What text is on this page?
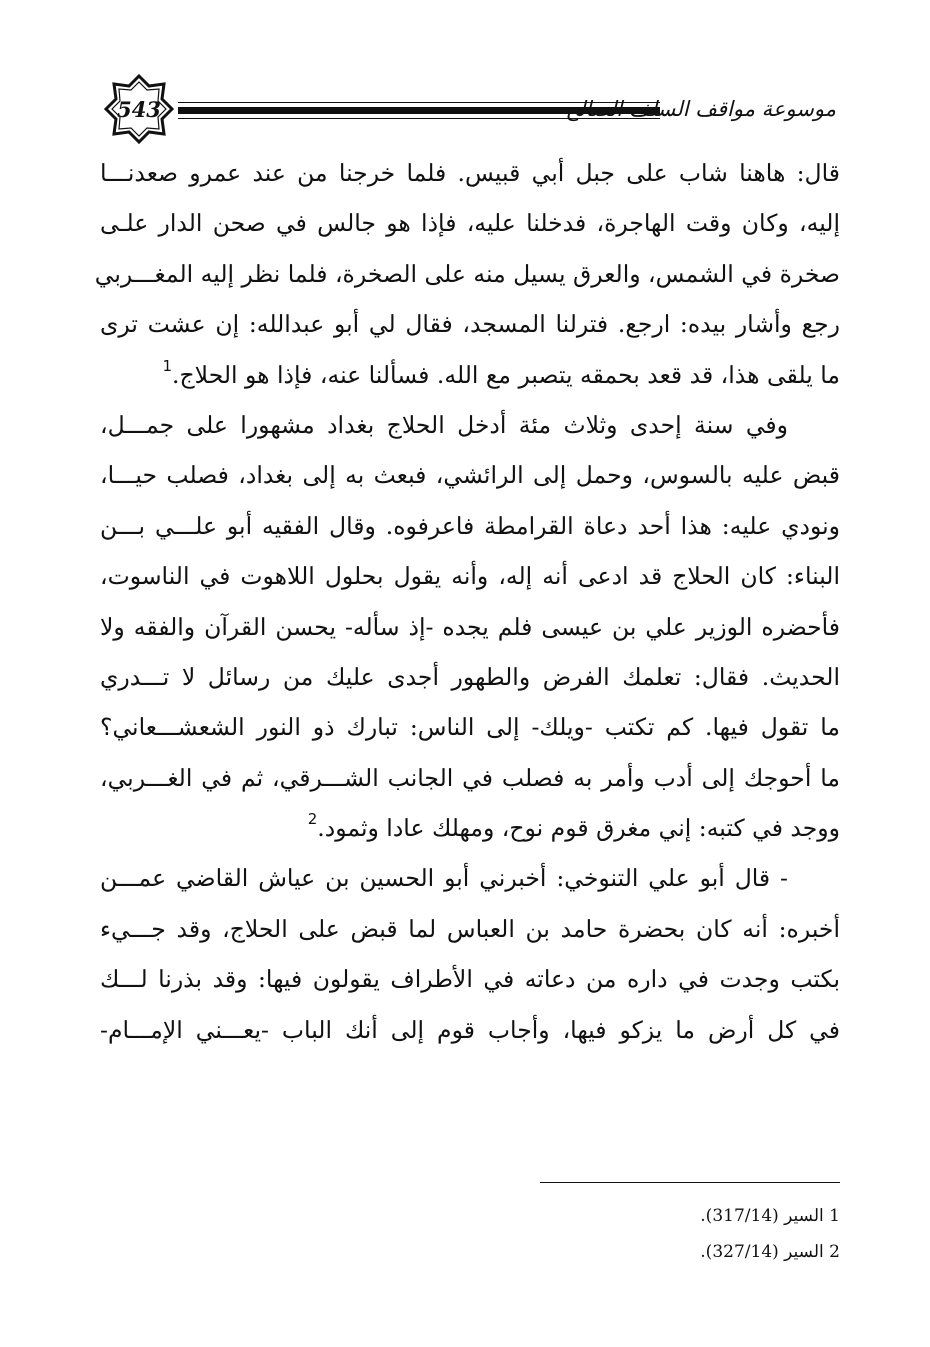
543	موسوعة مواقف السلف الصالح
قال: هاهنا شاب على جبل أبي قبيس. فلما خرجنا من عند عمرو صعدنـــا
إليه، وكان وقت الهاجرة، فدخلنا عليه، فإذا هو جالس في صحن الدار علـى
صخرة في الشمس، والعرق يسيل منه على الصخرة، فلما نظر إليه المغـــربي
رجع وأشار بيده: ارجع. فترلنا المسجد، فقال لي أبو عبدالله: إن عشت ترى
ما يلقى هذا، قد قعد بحمقه يتصبر مع الله. فسألنا عنه، فإذا هو الحلاج.$^1$
وفي سنة إحدى وثلاث مئة أدخل الحلاج بغداد مشهورا على جمـــل،
قبض عليه بالسوس، وحمل إلى الرائشي، فبعث به إلى بغداد، فصلب حيـــا،
ونودي عليه: هذا أحد دعاة القرامطة فاعرفوه. وقال الفقيه أبو علـــي بـــن
البناء: كان الحلاج قد ادعى أنه إله، وأنه يقول بحلول اللاهوت في الناسوت،
فأحضره الوزير علي بن عيسى فلم يجده -إذ سأله- يحسن القرآن والفقه ولا
الحديث. فقال: تعلمك الفرض والطهور أجدى عليك من رسائل لا تـــدري
ما تقول فيها. كم تكتب -ويلك- إلى الناس: تبارك ذو النور الشعشـــعاني؟
ما أحوجك إلى أدب وأمر به فصلب في الجانب الشـــرقي، ثم في الغـــربي،
ووجد في كتبه: إني مغرق قوم نوح، ومهلك عادا وثمود.$^2$
- قال أبو علي التنوخي: أخبرني أبو الحسين بن عياش القاضي عمـــن
أخبره: أنه كان بحضرة حامد بن العباس لما قبض على الحلاج، وقد جـــيء
بكتب وجدت في داره من دعاته في الأطراف يقولون فيها: وقد بذرنا لـــك
في كل أرض ما يزكو فيها، وأجاب قوم إلى أنك الباب -يعـــني الإمـــام-
1 السير (317/14).
2 السير (327/14).
